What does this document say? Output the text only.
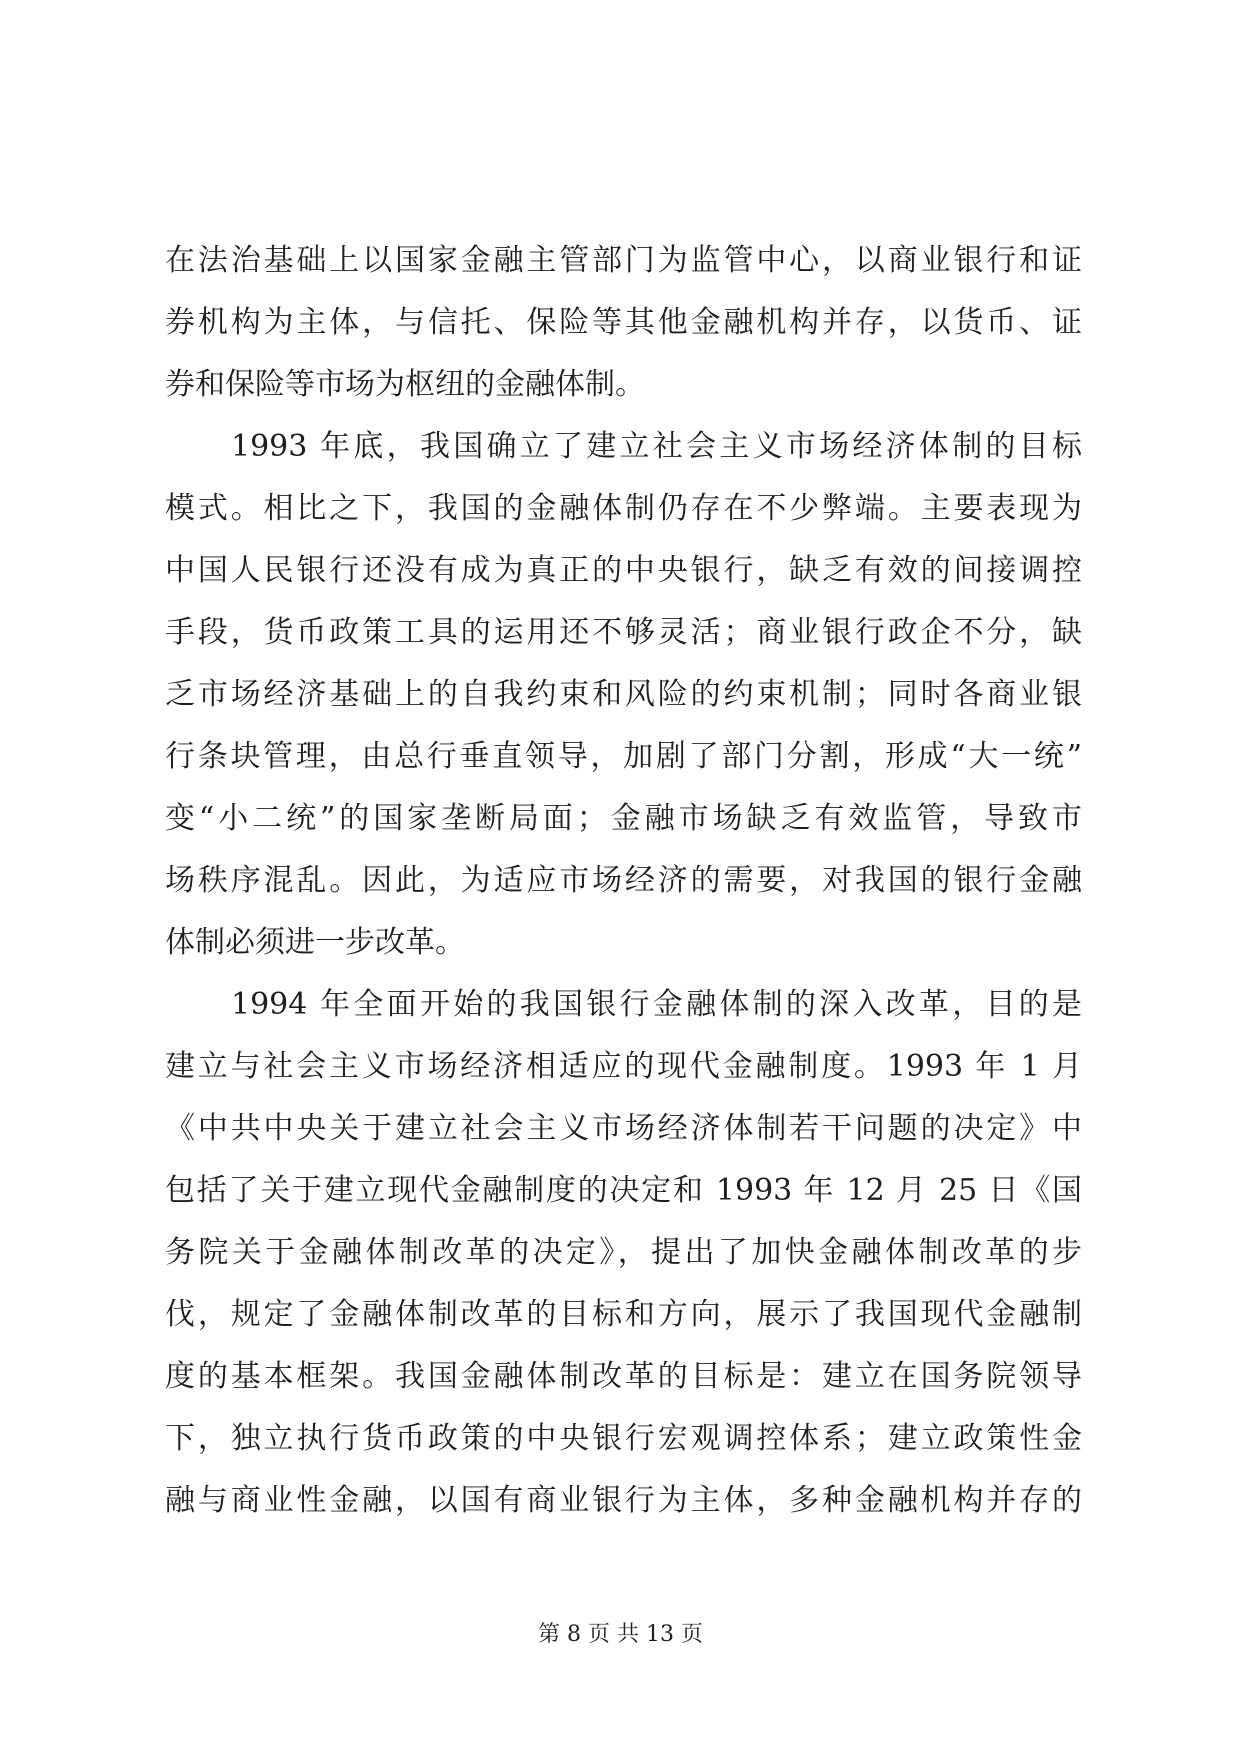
在法治基础上以国家金融主管部门为监管中心，以商业银行和证
券机构为主体，与信托、保险等其他金融机构并存，以货币、证
券和保险等市场为枢纽的金融体制。
1993 年底，我国确立了建立社会主义市场经济体制的目标
模式。相比之下，我国的金融体制仍存在不少弊端。主要表现为
中国人民银行还没有成为真正的中央银行，缺乏有效的间接调控
手段，货币政策工具的运用还不够灵活；商业银行政企不分，缺
乏市场经济基础上的自我约束和风险的约束机制；同时各商业银
行条块管理，由总行垂直领导，加剧了部门分割，形成“大一统”
变“小二统”的国家垄断局面；金融市场缺乏有效监管，导致市
场秩序混乱。因此，为适应市场经济的需要，对我国的银行金融
体制必须进一步改革。
1994 年全面开始的我国银行金融体制的深入改革，目的是
建立与社会主义市场经济相适应的现代金融制度。1993 年 1 月
《中共中央关于建立社会主义市场经济体制若干问题的决定》中
包括了关于建立现代金融制度的决定和 1993 年 12 月 25 日《国
务院关于金融体制改革的决定》，提出了加快金融体制改革的步
伐，规定了金融体制改革的目标和方向，展示了我国现代金融制
度的基本框架。我国金融体制改革的目标是：建立在国务院领导
下，独立执行货币政策的中央银行宏观调控体系；建立政策性金
融与商业性金融，以国有商业银行为主体，多种金融机构并存的
第 8 页 共 13 页
